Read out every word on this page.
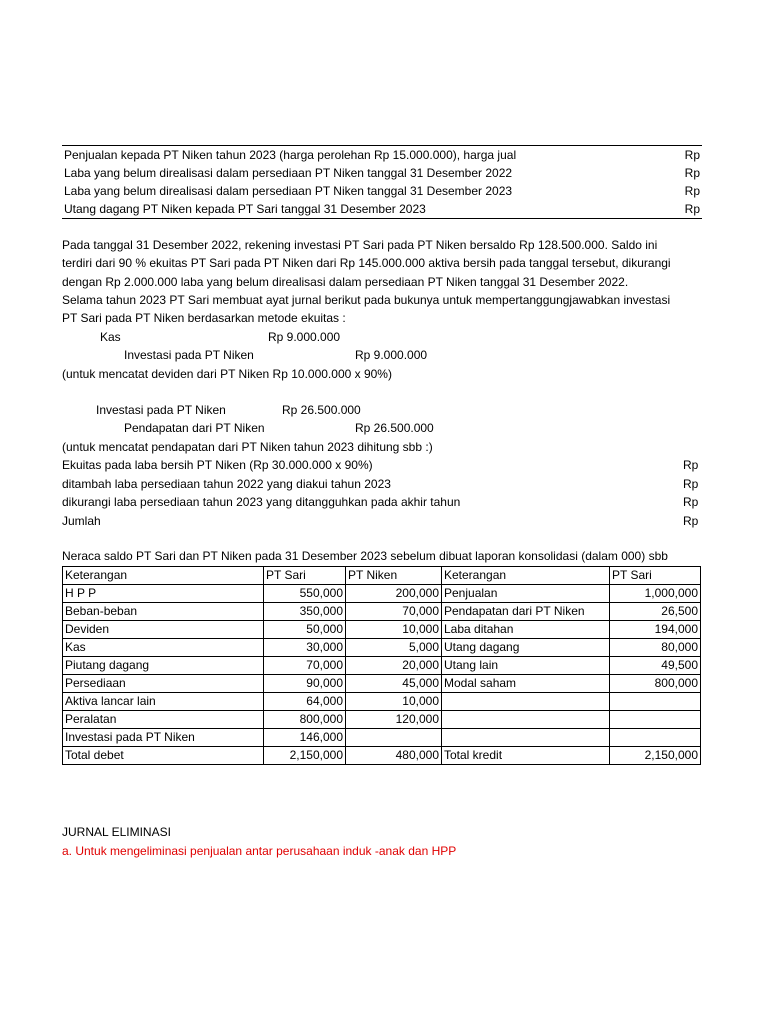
Penjualan kepada PT Niken tahun 2023 (harga perolehan Rp 15.000.000), harga jual	Rp
Laba yang belum direalisasi dalam persediaan PT Niken tanggal 31 Desember 2022	Rp
Laba yang belum direalisasi dalam persediaan PT Niken tanggal 31 Desember 2023	Rp
Utang dagang PT Niken kepada PT Sari tanggal 31 Desember 2023	Rp
Pada tanggal 31 Desember 2022, rekening investasi PT Sari pada PT Niken bersaldo Rp 128.500.000. Saldo ini
terdiri dari 90 % ekuitas PT Sari pada PT Niken dari Rp 145.000.000 aktiva bersih pada tanggal tersebut, dikurangi
dengan Rp 2.000.000 laba yang belum direalisasi dalam persediaan PT Niken tanggal 31 Desember 2022.
Selama tahun 2023 PT Sari membuat ayat jurnal berikut pada bukunya untuk mempertanggungjawabkan investasi
PT Sari pada PT Niken berdasarkan metode ekuitas :
Kas	Rp 9.000.000
Investasi pada PT Niken	Rp 9.000.000
(untuk mencatat deviden dari PT Niken Rp 10.000.000 x 90%)
Investasi pada PT Niken	Rp 26.500.000
Pendapatan dari PT Niken	Rp 26.500.000
(untuk mencatat pendapatan dari PT Niken tahun 2023 dihitung sbb :)
Ekuitas pada laba bersih PT Niken (Rp 30.000.000 x 90%)	Rp
ditambah laba persediaan tahun 2022 yang diakui tahun 2023	Rp
dikurangi laba persediaan tahun 2023 yang ditangguhkan pada akhir tahun	Rp
Jumlah	Rp
Neraca saldo PT Sari dan PT Niken pada 31 Desember 2023 sebelum dibuat laporan konsolidasi (dalam 000) sbb
Keterangan	PT Sari	PT Niken	Keterangan	PT Sari
H P P	550,000	200,000	Penjualan	1,000,000
Beban-beban	350,000	70,000	Pendapatan dari PT Niken	26,500
Deviden	50,000	10,000	Laba ditahan	194,000
Kas	30,000	5,000	Utang dagang	80,000
Piutang dagang	70,000	20,000	Utang lain	49,500
Persediaan	90,000	45,000	Modal saham	800,000
Aktiva lancar lain	64,000	10,000		
Peralatan	800,000	120,000		
Investasi pada PT Niken	146,000			
Total debet	2,150,000	480,000	Total kredit	2,150,000
JURNAL ELIMINASI
a. Untuk mengeliminasi penjualan antar perusahaan induk -anak dan HPP
